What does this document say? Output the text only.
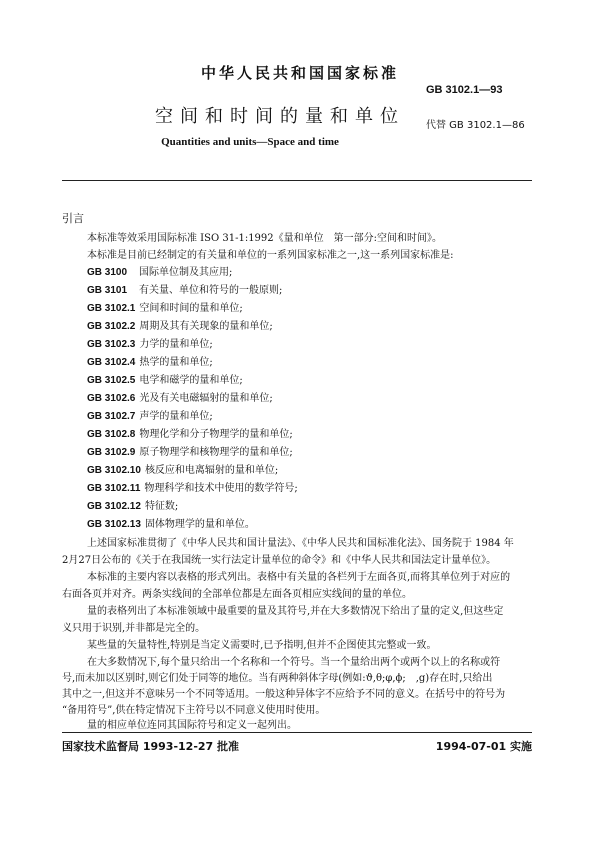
中华人民共和国国家标准
GB 3102.1—93
空间和时间的量和单位	代替 GB 3102.1—86
Quantities and units—Space and time
引言
本标准等效采用国际标准 ISO 31-1:1992《量和单位　第一部分:空间和时间》。
本标准是目前已经制定的有关量和单位的一系列国家标准之一,这一系列国家标准是:
GB 3100 国际单位制及其应用;
GB 3101 有关量、单位和符号的一般原则;
GB 3102.1 空间和时间的量和单位;
GB 3102.2 周期及其有关现象的量和单位;
GB 3102.3 力学的量和单位;
GB 3102.4 热学的量和单位;
GB 3102.5 电学和磁学的量和单位;
GB 3102.6 光及有关电磁辐射的量和单位;
GB 3102.7 声学的量和单位;
GB 3102.8 物理化学和分子物理学的量和单位;
GB 3102.9 原子物理学和核物理学的量和单位;
GB 3102.10 核反应和电离辐射的量和单位;
GB 3102.11 物理科学和技术中使用的数学符号;
GB 3102.12 特征数;
GB 3102.13 固体物理学的量和单位。
上述国家标准贯彻了《中华人民共和国计量法》、《中华人民共和国标准化法》、国务院于 1984 年
2月27日公布的《关于在我国统一实行法定计量单位的命令》和《中华人民共和国法定计量单位》。
本标准的主要内容以表格的形式列出。表格中有关量的各栏列于左面各页,而将其单位列于对应的
右面各页并对齐。两条实线间的全部单位都是左面各页相应实线间的量的单位。
量的表格列出了本标准领域中最重要的量及其符号,并在大多数情况下给出了量的定义,但这些定
义只用于识别,并非都是完全的。
某些量的矢量特性,特别是当定义需要时,已予指明,但并不企图使其完整或一致。
在大多数情况下,每个量只给出一个名称和一个符号。当一个量给出两个或两个以上的名称或符
号,而未加以区别时,则它们处于同等的地位。当有两种斜体字母(例如:ϑ,θ;φ,ϕ;　,g)存在时,只给出
其中之一,但这并不意味另一个不同等适用。一般这种异体字不应给予不同的意义。在括号中的符号为
“备用符号”,供在特定情况下主符号以不同意义使用时使用。
量的相应单位连同其国际符号和定义一起列出。
国家技术监督局 1993-12-27 批准	1994-07-01 实施
